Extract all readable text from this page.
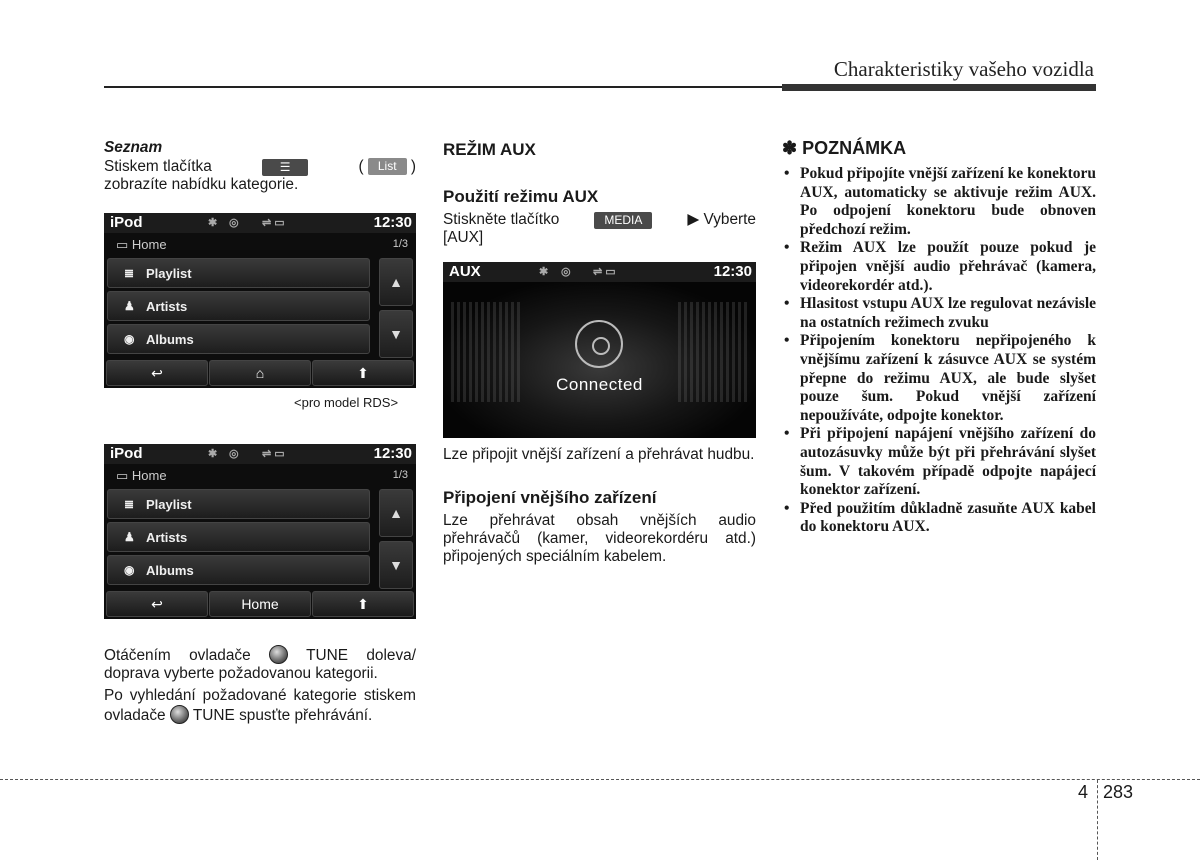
Charakteristiky vašeho vozidla

Seznam

Stiskem tlačítka	☰	( List )

zobrazíte nabídku kategorie.

iPod	✱ ◎ ⇌ ▭	12:30
▭ Home	1/3
≣ Playlist
♟ Artists
◉ Albums
▲
▼
↩	⌂	⬆
<pro model RDS>
iPod	✱ ◎ ⇌ ▭	12:30
▭ Home	1/3
≣ Playlist
♟ Artists
◉ Albums
▲
▼
↩	Home	⬆

Otáčením ovladače	TUNE doleva/ doprava vyberte požadovanou kategorii.

Po vyhledání požadované kategorie stiskem ovladače TUNE spusťte přehrávání.

REŽIM AUX
Použití režimu AUX

Stiskněte tlačítko	MEDIA	▶ Vyberte

[AUX]

AUX	✱ ◎ ⇌ ▭	12:30
Connected

Lze připojit vnější zařízení a přehrávat hudbu.

Připojení vnějšího zařízení

Lze přehrávat obsah vnějších audio přehrávačů (kamer, videorekordéru atd.) připojených speciálním kabelem.

✽ POZNÁMKA

• Pokud připojíte vnější zařízení ke konektoru AUX, automaticky se aktivuje režim AUX. Po odpojení konektoru bude obnoven předchozí režim.
• Režim AUX lze použít pouze pokud je připojen vnější audio přehrávač (kamera, videorekordér atd.).
• Hlasitost vstupu AUX lze regulovat nezávisle na ostatních režimech zvuku
• Připojením konektoru nepřipojeného k vnějšímu zařízení k zásuvce AUX se systém přepne do režimu AUX, ale bude slyšet pouze šum. Pokud vnější zařízení nepoužíváte, odpojte konektor.
• Při připojení napájení vnějšího zařízení do autozásuvky může být při přehrávání slyšet šum. V takovém případě odpojte napájecí konektor zařízení.
• Před použitím důkladně zasuňte AUX kabel do konektoru AUX.
4 283
